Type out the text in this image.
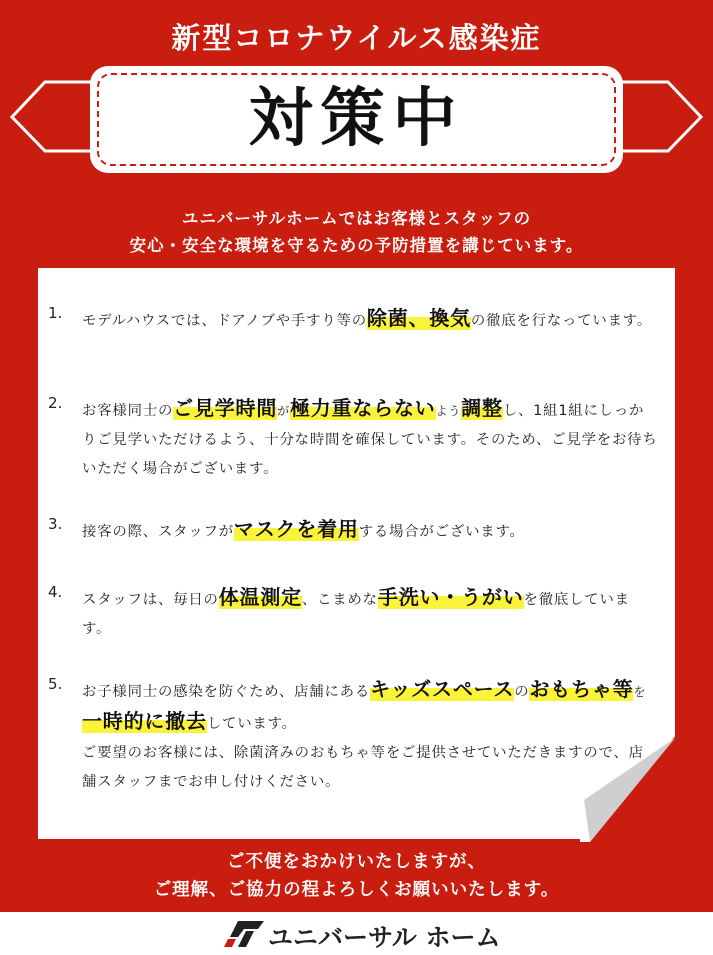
新型コロナウイルス感染症
対策中
ユニバーサルホームではお客様とスタッフの
安心・安全な環境を守るための予防措置を講じています。
1. モデルハウスでは、ドアノブや手すり等の除菌、換気の徹底を行なっています。
2. お客様同士のご見学時間が極力重ならないよう調整し、1組1組にしっかりご見学いただけるよう、十分な時間を確保しています。そのため、ご見学をお待ちいただく場合がございます。
3. 接客の際、スタッフがマスクを着用する場合がございます。
4. スタッフは、毎日の体温測定、こまめな手洗い・うがいを徹底しています。
5. お子様同士の感染を防ぐため、店舗にあるキッズスペースのおもちゃ等を一時的に撤去しています。
ご要望のお客様には、除菌済みのおもちゃ等をご提供させていただきますので、店舗スタッフまでお申し付けください。
ご不便をおかけいたしますが、
ご理解、ご協力の程よろしくお願いいたします。
ユニバーサル ホーム
